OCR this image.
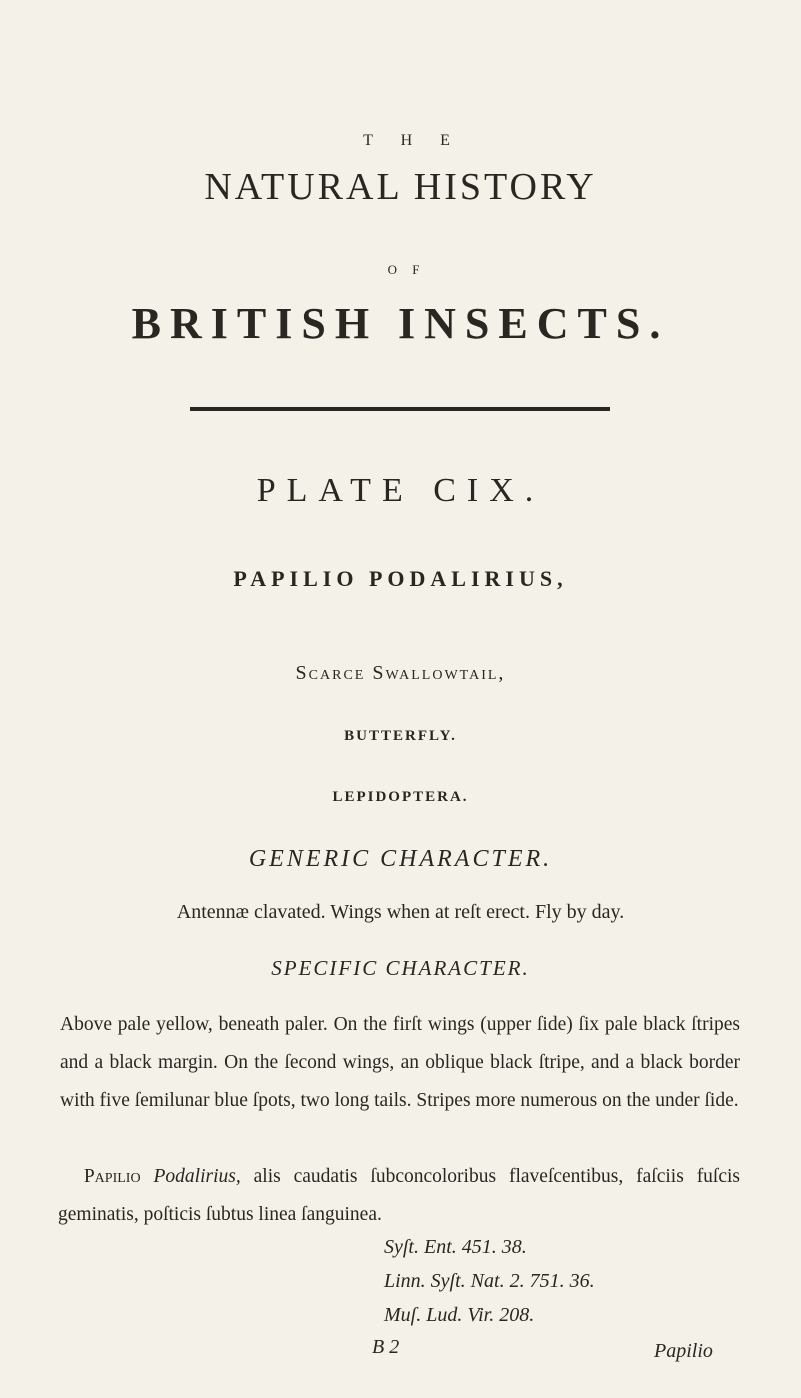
T H E
NATURAL HISTORY
O F
BRITISH INSECTS.
PLATE CIX.
PAPILIO PODALIRIUS,
Scarce Swallowtail,
BUTTERFLY.
LEPIDOPTERA.
GENERIC CHARACTER.
Antennæ clavated. Wings when at reſt erect. Fly by day.
SPECIFIC CHARACTER.
Above pale yellow, beneath paler. On the firſt wings (upper ſide) ſix pale black ſtripes and a black margin. On the ſecond wings, an oblique black ſtripe, and a black border with five ſemilunar blue ſpots, two long tails. Stripes more numerous on the under ſide.
Papilio Podalirius, alis caudatis ſubconcoloribus flaveſcentibus, faſciis fuſcis geminatis, poſticis ſubtus linea ſanguinea.
Syſt. Ent. 451. 38.
Linn. Syſt. Nat. 2. 751. 36.
Muſ. Lud. Vir. 208.
B 2	Papilio
